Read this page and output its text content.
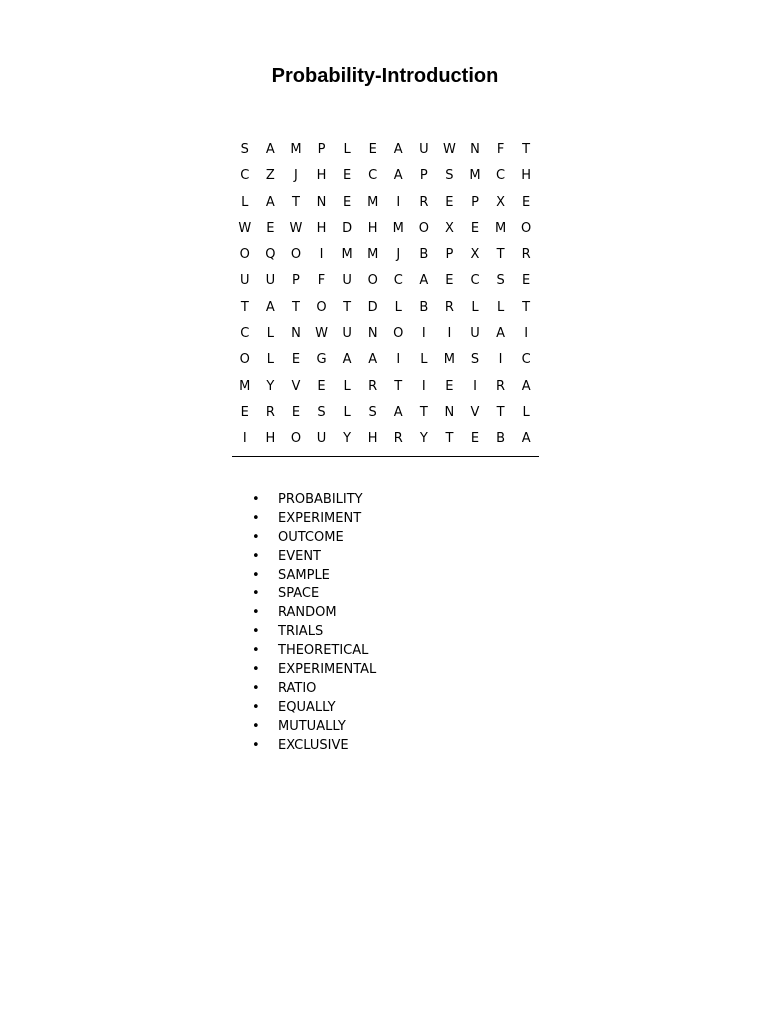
Probability-Introduction
S	A	M	P	L	E	A	U	W	N	F	T
C	Z	J	H	E	C	A	P	S	M	C	H
L	A	T	N	E	M	I	R	E	P	X	E
W	E	W	H	D	H	M	O	X	E	M	O
O	Q	O	I	M	M	J	B	P	X	T	R
U	U	P	F	U	O	C	A	E	C	S	E
T	A	T	O	T	D	L	B	R	L	L	T
C	L	N	W	U	N	O	I	I	U	A	I
O	L	E	G	A	A	I	L	M	S	I	C
M	Y	V	E	L	R	T	I	E	I	R	A
E	R	E	S	L	S	A	T	N	V	T	L
I	H	O	U	Y	H	R	Y	T	E	B	A
•	PROBABILITY
•	EXPERIMENT
•	OUTCOME
•	EVENT
•	SAMPLE
•	SPACE
•	RANDOM
•	TRIALS
•	THEORETICAL
•	EXPERIMENTAL
•	RATIO
•	EQUALLY
•	MUTUALLY
•	EXCLUSIVE
